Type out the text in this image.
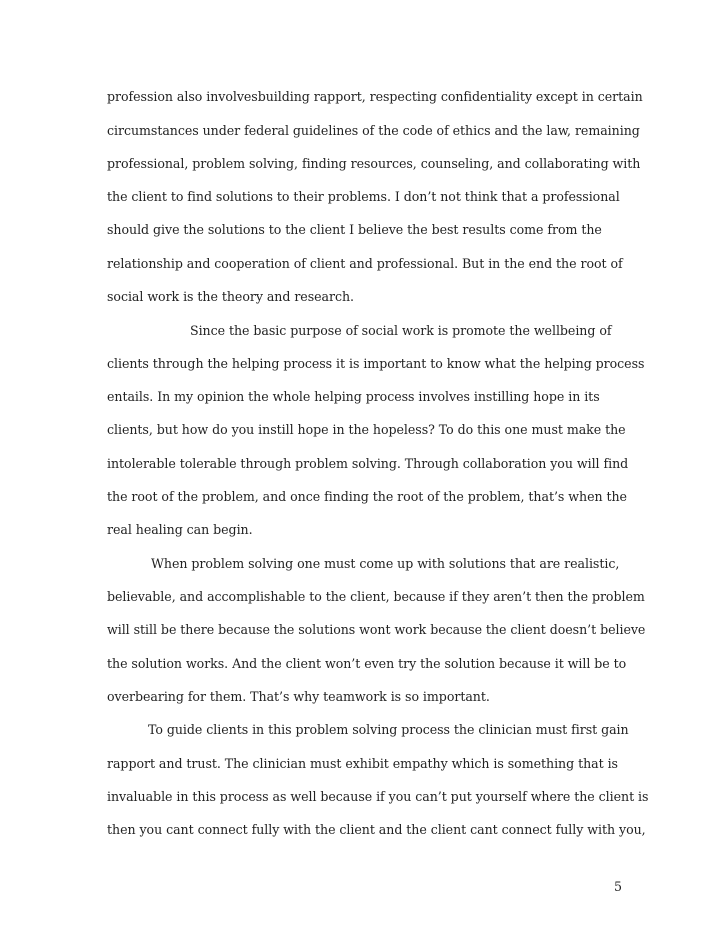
profession also involvesbuilding rapport, respecting confidentiality except in certain
circumstances under federal guidelines of the code of ethics and the law, remaining
professional, problem solving, finding resources, counseling, and collaborating with
the client to find solutions to their problems. I don’t not think that a professional
should give the solutions to the client I believe the best results come from the
relationship and cooperation of client and professional. But in the end the root of
social work is the theory and research.
Since the basic purpose of social work is promote the wellbeing of
clients through the helping process it is important to know what the helping process
entails. In my opinion the whole helping process involves instilling hope in its
clients, but how do you instill hope in the hopeless? To do this one must make the
intolerable tolerable through problem solving. Through collaboration you will find
the root of the problem, and once finding the root of the problem, that’s when the
real healing can begin.
When problem solving one must come up with solutions that are realistic,
believable, and accomplishable to the client, because if they aren’t then the problem
will still be there because the solutions wont work because the client doesn’t believe
the solution works. And the client won’t even try the solution because it will be to
overbearing for them. That’s why teamwork is so important.
To guide clients in this problem solving process the clinician must first gain
rapport and trust. The clinician must exhibit empathy which is something that is
invaluable in this process as well because if you can’t put yourself where the client is
then you cant connect fully with the client and the client cant connect fully with you,
5
